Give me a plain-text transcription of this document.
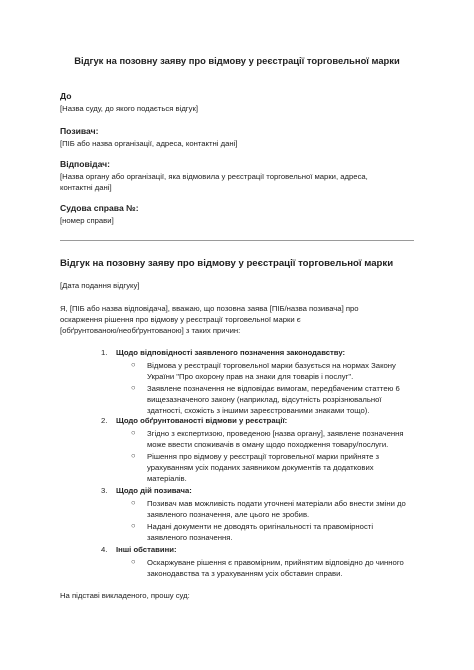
Відгук на позовну заяву про відмову у реєстрації торговельної марки
До
[Назва суду, до якого подається відгук]
Позивач:
[ПІБ або назва організації, адреса, контактні дані]
Відповідач:
[Назва органу або організації, яка відмовила у реєстрації торговельної марки, адреса,
контактні дані]
Судова справа №:
[номер справи]
Відгук на позовну заяву про відмову у реєстрації торговельної марки
[Дата подання відгуку]
Я, [ПІБ або назва відповідача], вважаю, що позовна заява [ПІБ/назва позивача] про
оскарження рішення про відмову у реєстрації торговельної марки є
[обґрунтованою/необґрунтованою] з таких причин:
1. Щодо відповідності заявленого позначення законодавству:
○ Відмова у реєстрації торговельної марки базується на нормах Закону
України "Про охорону прав на знаки для товарів і послуг".
○ Заявлене позначення не відповідає вимогам, передбаченим статтею 6
вищезазначеного закону (наприклад, відсутність розрізнювальної
здатності, схожість з іншими зареєстрованими знаками тощо).
2. Щодо обґрунтованості відмови у реєстрації:
○ Згідно з експертизою, проведеною [назва органу], заявлене позначення
може ввести споживачів в оману щодо походження товару/послуги.
○ Рішення про відмову у реєстрації торговельної марки прийняте з
урахуванням усіх поданих заявником документів та додаткових
матеріалів.
3. Щодо дій позивача:
○ Позивач мав можливість подати уточнені матеріали або внести зміни до
заявленого позначення, але цього не зробив.
○ Надані документи не доводять оригінальності та правомірності
заявленого позначення.
4. Інші обставини:
○ Оскаржуване рішення є правомірним, прийнятим відповідно до чинного
законодавства та з урахуванням усіх обставин справи.
На підставі викладеного, прошу суд:
